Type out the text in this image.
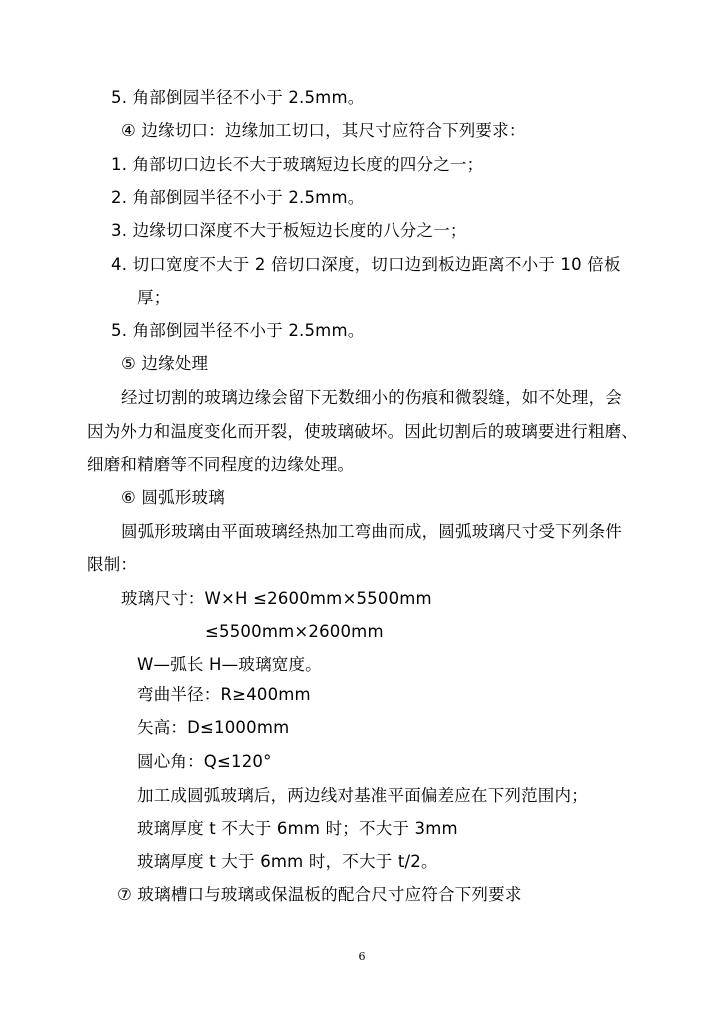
5. 角部倒园半径不小于 2.5mm。
④ 边缘切口：边缘加工切口，其尺寸应符合下列要求：
1. 角部切口边长不大于玻璃短边长度的四分之一；
2. 角部倒园半径不小于 2.5mm。
3. 边缘切口深度不大于板短边长度的八分之一；
4. 切口宽度不大于 2 倍切口深度，切口边到板边距离不小于 10 倍板
厚；
5. 角部倒园半径不小于 2.5mm。
⑤ 边缘处理
经过切割的玻璃边缘会留下无数细小的伤痕和微裂缝，如不处理，会
因为外力和温度变化而开裂，使玻璃破坏。因此切割后的玻璃要进行粗磨、
细磨和精磨等不同程度的边缘处理。
⑥ 圆弧形玻璃
圆弧形玻璃由平面玻璃经热加工弯曲而成，圆弧玻璃尺寸受下列条件
限制：
玻璃尺寸：W×H ≤2600mm×5500mm
≤5500mm×2600mm
W—弧长 H—玻璃宽度。
弯曲半径：R≥400mm
矢高：D≤1000mm
圆心角：Q≤120°
加工成圆弧玻璃后，两边线对基准平面偏差应在下列范围内；
玻璃厚度 t 不大于 6mm 时；不大于 3mm
玻璃厚度 t 大于 6mm 时，不大于 t/2。
⑦ 玻璃槽口与玻璃或保温板的配合尺寸应符合下列要求
6
